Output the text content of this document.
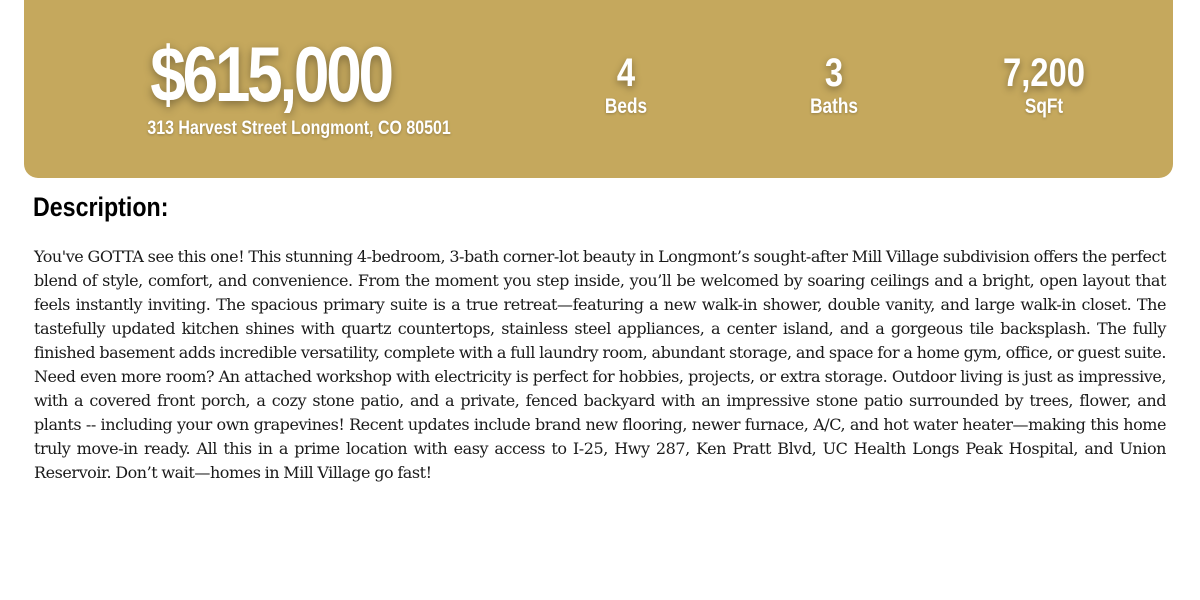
$615,000
313 Harvest Street Longmont, CO 80501
4
Beds
3
Baths
7,200
SqFt
Description:

You've GOTTA see this one! This stunning 4-bedroom, 3-bath corner-lot beauty in Longmont’s sought-after Mill Village subdivision offers the perfect blend of style, comfort, and convenience. From the moment you step inside, you’ll be welcomed by soaring ceilings and a bright, open layout that feels instantly inviting. The spacious primary suite is a true retreat—featuring a new walk-in shower, double vanity, and large walk-in closet. The tastefully updated kitchen shines with quartz countertops, stainless steel appliances, a center island, and a gorgeous tile backsplash. The fully finished basement adds incredible versatility, complete with a full laundry room, abundant storage, and space for a home gym, office, or guest suite. Need even more room? An attached workshop with electricity is perfect for hobbies, projects, or extra storage. Outdoor living is just as impressive, with a covered front porch, a cozy stone patio, and a private, fenced backyard with an impressive stone patio surrounded by trees, flower, and plants -- including your own grapevines! Recent updates include brand new flooring, newer furnace, A/C, and hot water heater—making this home truly move-in ready. All this in a prime location with easy access to I-25, Hwy 287, Ken Pratt Blvd, UC Health Longs Peak Hospital, and Union Reservoir. Don’t wait—homes in Mill Village go fast!
